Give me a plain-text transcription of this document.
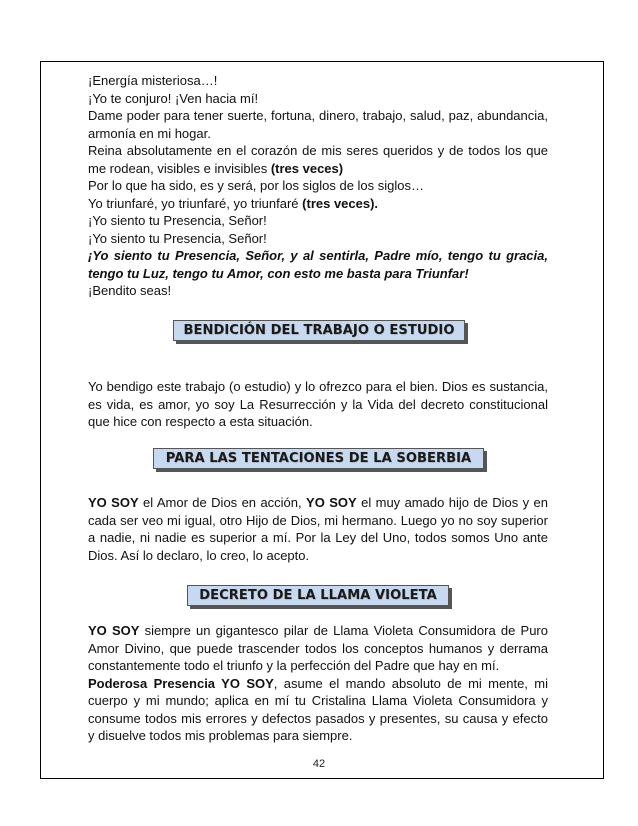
¡Energía misteriosa…!

¡Yo te conjuro! ¡Ven hacia mí!

Dame poder para tener suerte, fortuna, dinero, trabajo, salud, paz, abundancia, armonía en mi hogar.

Reina absolutamente en el corazón de mis seres queridos y de todos los que me rodean, visibles e invisibles (tres veces)

Por lo que ha sido, es y será, por los siglos de los siglos…

Yo triunfaré, yo triunfaré, yo triunfaré (tres veces).

¡Yo siento tu Presencia, Señor!

¡Yo siento tu Presencia, Señor!

¡Yo siento tu Presencia, Señor, y al sentirla, Padre mío, tengo tu gracia, tengo tu Luz, tengo tu Amor, con esto me basta para Triunfar!

¡Bendito seas!

BENDICIÓN DEL TRABAJO O ESTUDIO

Yo bendigo este trabajo (o estudio) y lo ofrezco para el bien. Dios es sustancia, es vida, es amor, yo soy La Resurrección y la Vida del decreto constitucional que hice con respecto a esta situación.

PARA LAS TENTACIONES DE LA SOBERBIA

YO SOY el Amor de Dios en acción, YO SOY el muy amado hijo de Dios y en cada ser veo mi igual, otro Hijo de Dios, mi hermano. Luego yo no soy superior a nadie, ni nadie es superior a mí. Por la Ley del Uno, todos somos Uno ante Dios. Así lo declaro, lo creo, lo acepto.

DECRETO DE LA LLAMA VIOLETA

YO SOY siempre un gigantesco pilar de Llama Violeta Consumidora de Puro Amor Divino, que puede trascender todos los conceptos humanos y derrama constantemente todo el triunfo y la perfección del Padre que hay en mí.

Poderosa Presencia YO SOY, asume el mando absoluto de mi mente, mi cuerpo y mi mundo; aplica en mí tu Cristalina Llama Violeta Consumidora y consume todos mis errores y defectos pasados y presentes, su causa y efecto y disuelve todos mis problemas para siempre.

42
